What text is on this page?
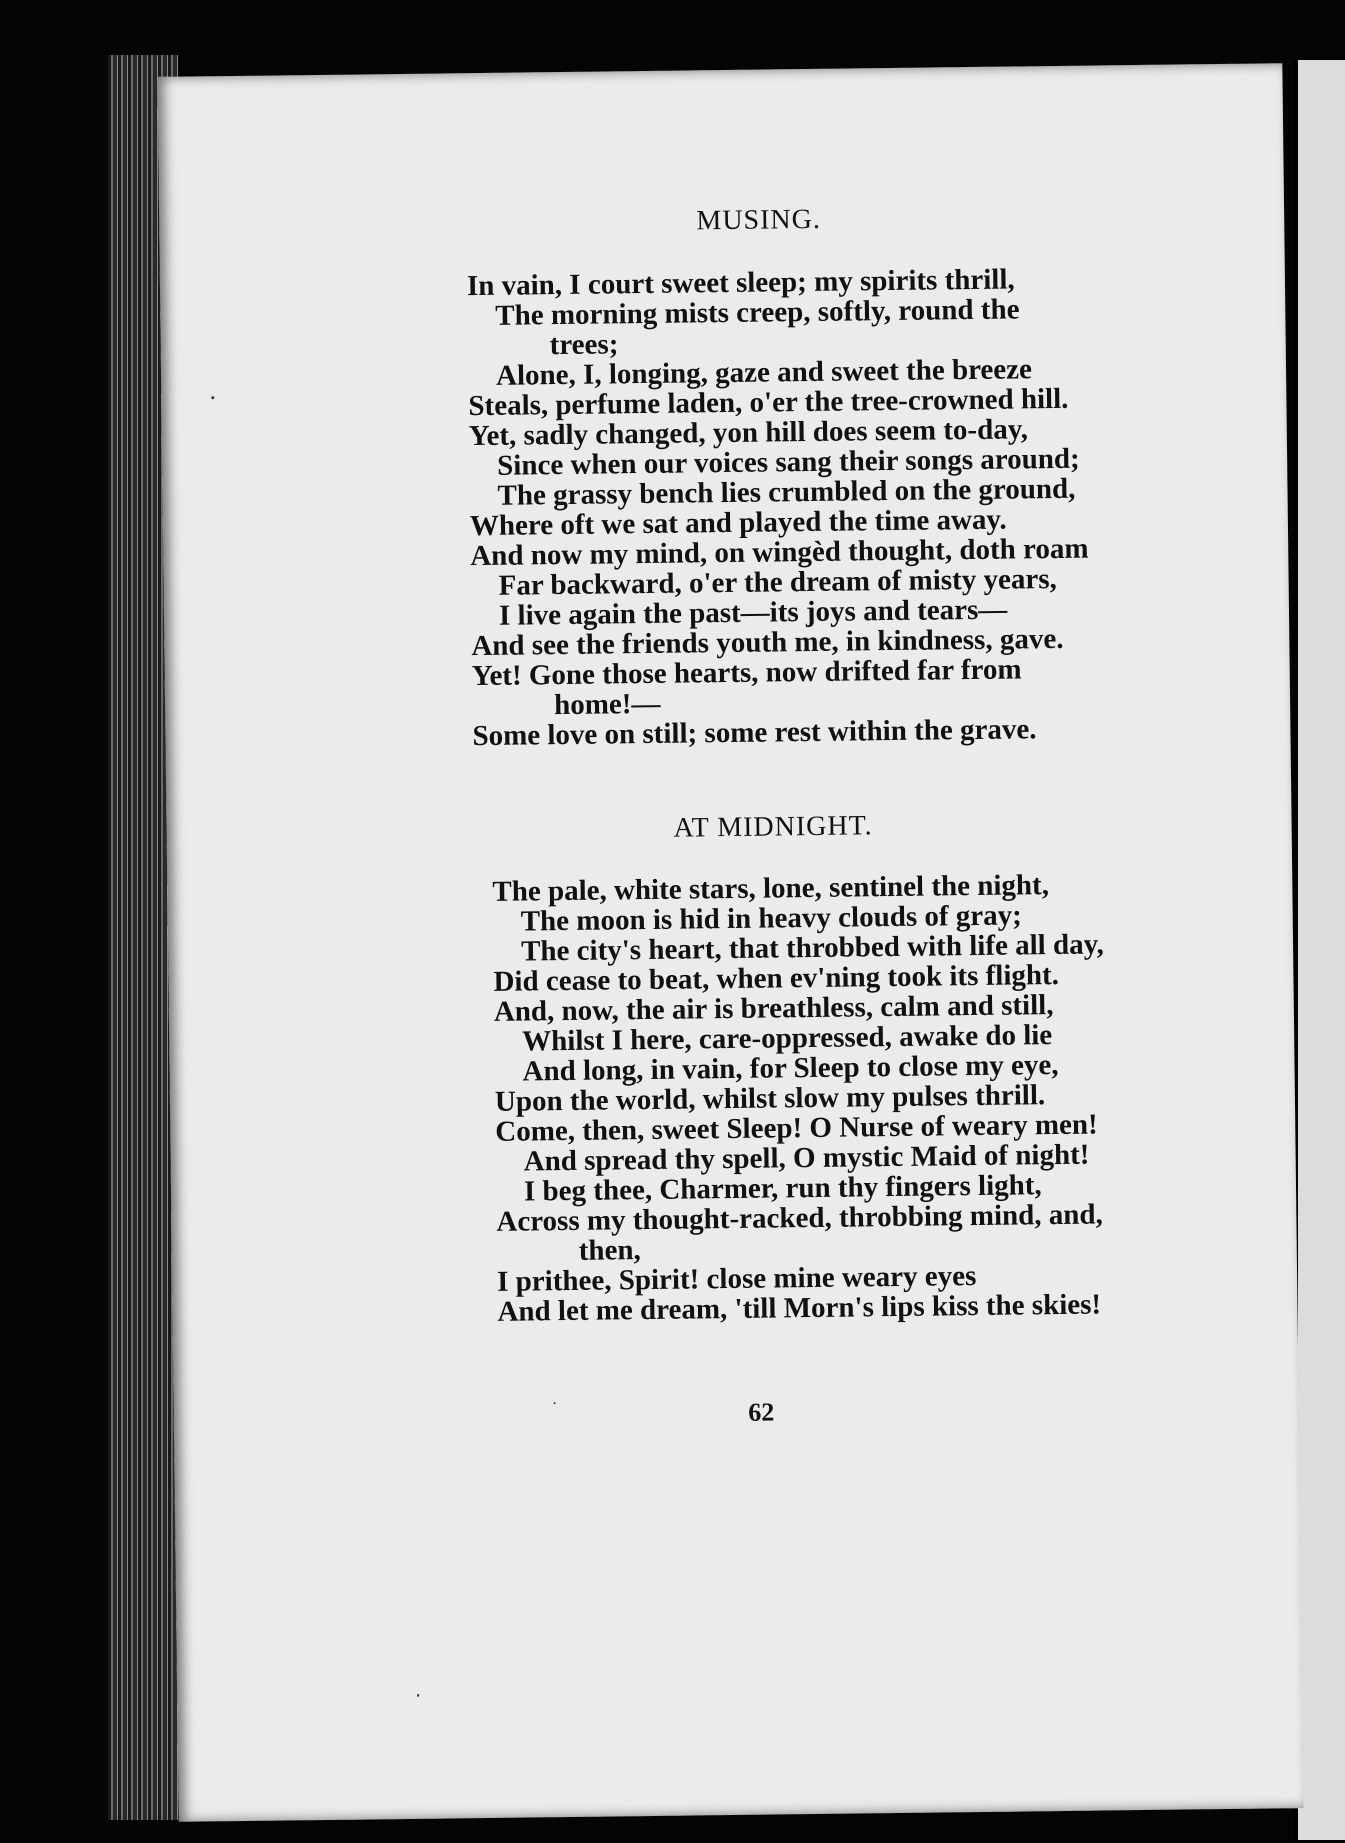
MUSING.
In vain, I court sweet sleep; my spirits thrill,
The morning mists creep, softly, round the
trees;
Alone, I, longing, gaze and sweet the breeze
Steals, perfume laden, o'er the tree-crowned hill.
Yet, sadly changed, yon hill does seem to-day,
Since when our voices sang their songs around;
The grassy bench lies crumbled on the ground,
Where oft we sat and played the time away.
And now my mind, on wingèd thought, doth roam
Far backward, o'er the dream of misty years,
I live again the past—its joys and tears—
And see the friends youth me, in kindness, gave.
Yet! Gone those hearts, now drifted far from
home!—
Some love on still; some rest within the grave.
AT MIDNIGHT.
The pale, white stars, lone, sentinel the night,
The moon is hid in heavy clouds of gray;
The city's heart, that throbbed with life all day,
Did cease to beat, when ev'ning took its flight.
And, now, the air is breathless, calm and still,
Whilst I here, care-oppressed, awake do lie
And long, in vain, for Sleep to close my eye,
Upon the world, whilst slow my pulses thrill.
Come, then, sweet Sleep! O Nurse of weary men!
And spread thy spell, O mystic Maid of night!
I beg thee, Charmer, run thy fingers light,
Across my thought-racked, throbbing mind, and,
then,
I prithee, Spirit! close mine weary eyes
And let me dream, 'till Morn's lips kiss the skies!
62
